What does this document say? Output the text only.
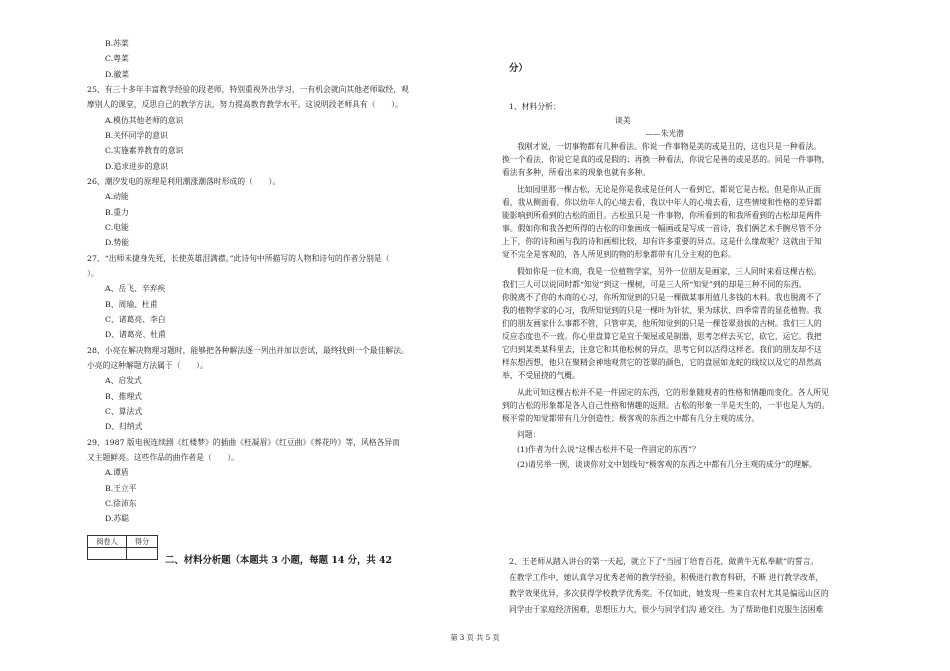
B.苏菜
C.粤菜
D.徽菜
25、有三十多年丰富教学经验的段老师，特别重视外出学习，一有机会就向其他老师取经，观
摩别人的课堂，反思自己的教学方法，努力提高教育教学水平。这说明段老师具有（　　）。
A.模仿其他老师的意识
B.关怀同学的意识
C.实施素养教育的意识
D.追求进步的意识
26、潮汐发电的原理是利用潮涨潮落时形成的（　　）。
A.动能
B.重力
C.电能
D.势能
27、“出师未捷身先死，长使英雄泪满襟。”此诗句中所描写的人物和诗句的作者分别是（
）。
A、岳飞、辛弃疾
B、周瑜、杜甫
C、诸葛亮、李白
D、诸葛亮、杜甫
28、小亮在解决物理习题时，能够把各种解法逐一列出并加以尝试，最终找到一个最佳解法。
小亮的这种解题方法属于（　　）。
A、启发式
B、推理式
C、算法式
D、归纳式
29、1987 版电视连续剧《红楼梦》的插曲《枉凝眉》《红豆曲》《葬花吟》等，风格各异而
又主题鲜亮。这些作品的曲作者是（　　）。
A.谭盾
B.王立平
C.徐沛东
D.苏聪
阅卷人	得分

二、材料分析题（本题共 3 小题，每题 14 分，共 42
分）
1、材料分析：
谈美
——朱光潜
我刚才说，一切事物都有几种看法。你说一件事物是美的或是丑的，这也只是一种看法。
换一个看法，你说它是真的或是假的；再换一种看法，你说它是善的或是恶的。同是一件事物，
看法有多种，所看出来的现象也就有多种。
比如园里那一棵古松，无论是你是我或是任何人一看到它，都说它是古松。但是你从正面
看，我从侧面看，你以幼年人的心境去看，我以中年人的心境去看，这些情境和性格的差异都
能影响到所看到的古松的面目。古松虽只是一件事物，你所看到的和我所看到的古松却是两件
事。假如你和我各把所得的古松的印象画成一幅画或是写成一首诗，我们俩艺术手腕尽管不分
上下，你的诗和画与我的诗和画相比较，却有许多重要的异点。这是什么缘故呢？这就由于知
觉不完全是客观的，各人所见到的物的形象都带有几分主观的色彩。
假如你是一位木商，我是一位植物学家，另外一位朋友是画家，三人同时来看这棵古松。
我们三人可以说同时都“知觉”到这一棵树，可是三人所“知觉”到的却是三种不同的东西。
你脱离不了你的木商的心习，你所知觉到的只是一棵做某事用值几多钱的木料。我也脱离不了
我的植物学家的心习，我所知觉到的只是一棵叶为针状、果为球状、四季常青的显花植物。我
们的朋友画家什么事都不管，只管审美，他所知觉到的只是一棵苍翠劲拔的古树。我们三人的
反应态度也不一致。你心里盘算它是宜于架屋或是制器，思考怎样去买它，砍它，运它。我把
它归到某类某科里去，注意它和其他松树的异点，思考它何以活得这样老。我们的朋友却不这
样东想西想，他只在聚精会神地观赏它的苍翠的颜色，它的盘屈如龙蛇的线纹以及它的昂然高
举、不受屈挠的气概。
从此可知这棵古松并不是一件固定的东西，它的形象随观者的性格和情趣而变化。各人所见
到的古松的形象都是各人自己性格和情趣的返照。古松的形象一半是天生的，一半也是人为的。
极平常的知觉都带有几分创造性；极客观的东西之中都有几分主观的成分。
问题：
(1)作者为什么说“这棵古松并不是一件固定的东西”？
(2)请另举一例，谈谈你对文中划线句“极客观的东西之中都有几分主观的成分”的理解。
2、王老师从踏入讲台的第一天起，就立下了“当园丁培育百花，做黄牛无私奉献”的誓言。
在教学工作中，她认真学习优秀老师的教学经验，积极进行教育科研，不断 进行教学改革，
教学效果优异，多次获得学校教学优秀奖。不仅如此，她发现一些来自农村尤其是偏远山区的
同学由于家庭经济困难，思想压力大，很少与同学们沟 通交往。为了帮助他们克服生活困难
第 3 页 共 5 页
